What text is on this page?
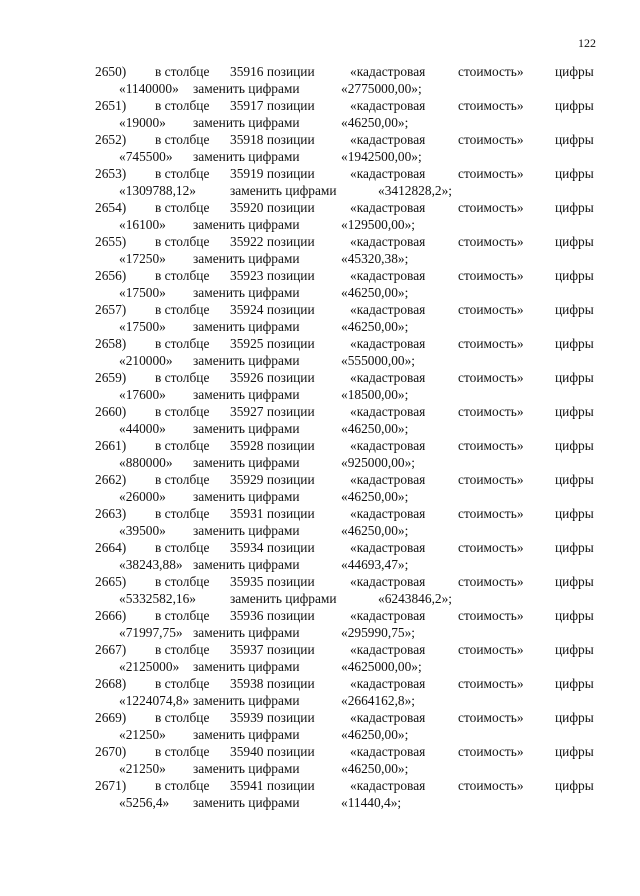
122
2650) в столбце 35916 позиции	«кадастровая стоимость» цифры
«1140000» заменить цифрами	«2775000,00»;
2651) в столбце 35917 позиции	«кадастровая стоимость» цифры
«19000» заменить цифрами	«46250,00»;
2652) в столбце 35918 позиции	«кадастровая стоимость» цифры
«745500» заменить цифрами	«1942500,00»;
2653) в столбце 35919 позиции	«кадастровая стоимость» цифры
«1309788,12»	заменить цифрами	«3412828,2»;
2654) в столбце 35920 позиции	«кадастровая стоимость» цифры
«16100» заменить цифрами	«129500,00»;
2655) в столбце 35922 позиции	«кадастровая стоимость» цифры
«17250» заменить цифрами	«45320,38»;
2656) в столбце 35923 позиции	«кадастровая стоимость» цифры
«17500» заменить цифрами	«46250,00»;
2657) в столбце 35924 позиции	«кадастровая стоимость» цифры
«17500» заменить цифрами	«46250,00»;
2658) в столбце 35925 позиции	«кадастровая стоимость» цифры
«210000» заменить цифрами	«555000,00»;
2659) в столбце 35926 позиции	«кадастровая стоимость» цифры
«17600» заменить цифрами	«18500,00»;
2660) в столбце 35927 позиции	«кадастровая стоимость» цифры
«44000» заменить цифрами	«46250,00»;
2661) в столбце 35928 позиции	«кадастровая стоимость» цифры
«880000» заменить цифрами	«925000,00»;
2662) в столбце 35929 позиции	«кадастровая стоимость» цифры
«26000» заменить цифрами	«46250,00»;
2663) в столбце 35931 позиции	«кадастровая стоимость» цифры
«39500» заменить цифрами	«46250,00»;
2664) в столбце 35934 позиции	«кадастровая стоимость» цифры
«38243,88» заменить цифрами	«44693,47»;
2665) в столбце 35935 позиции	«кадастровая стоимость» цифры
«5332582,16»	заменить цифрами	«6243846,2»;
2666) в столбце 35936 позиции	«кадастровая стоимость» цифры
«71997,75» заменить цифрами	«295990,75»;
2667) в столбце 35937 позиции	«кадастровая стоимость» цифры
«2125000» заменить цифрами	«4625000,00»;
2668) в столбце 35938 позиции	«кадастровая стоимость» цифры
«1224074,8» заменить цифрами	«2664162,8»;
2669) в столбце 35939 позиции	«кадастровая стоимость» цифры
«21250» заменить цифрами	«46250,00»;
2670) в столбце 35940 позиции	«кадастровая стоимость» цифры
«21250» заменить цифрами	«46250,00»;
2671) в столбце 35941 позиции	«кадастровая стоимость» цифры
«5256,4» заменить цифрами	«11440,4»;
